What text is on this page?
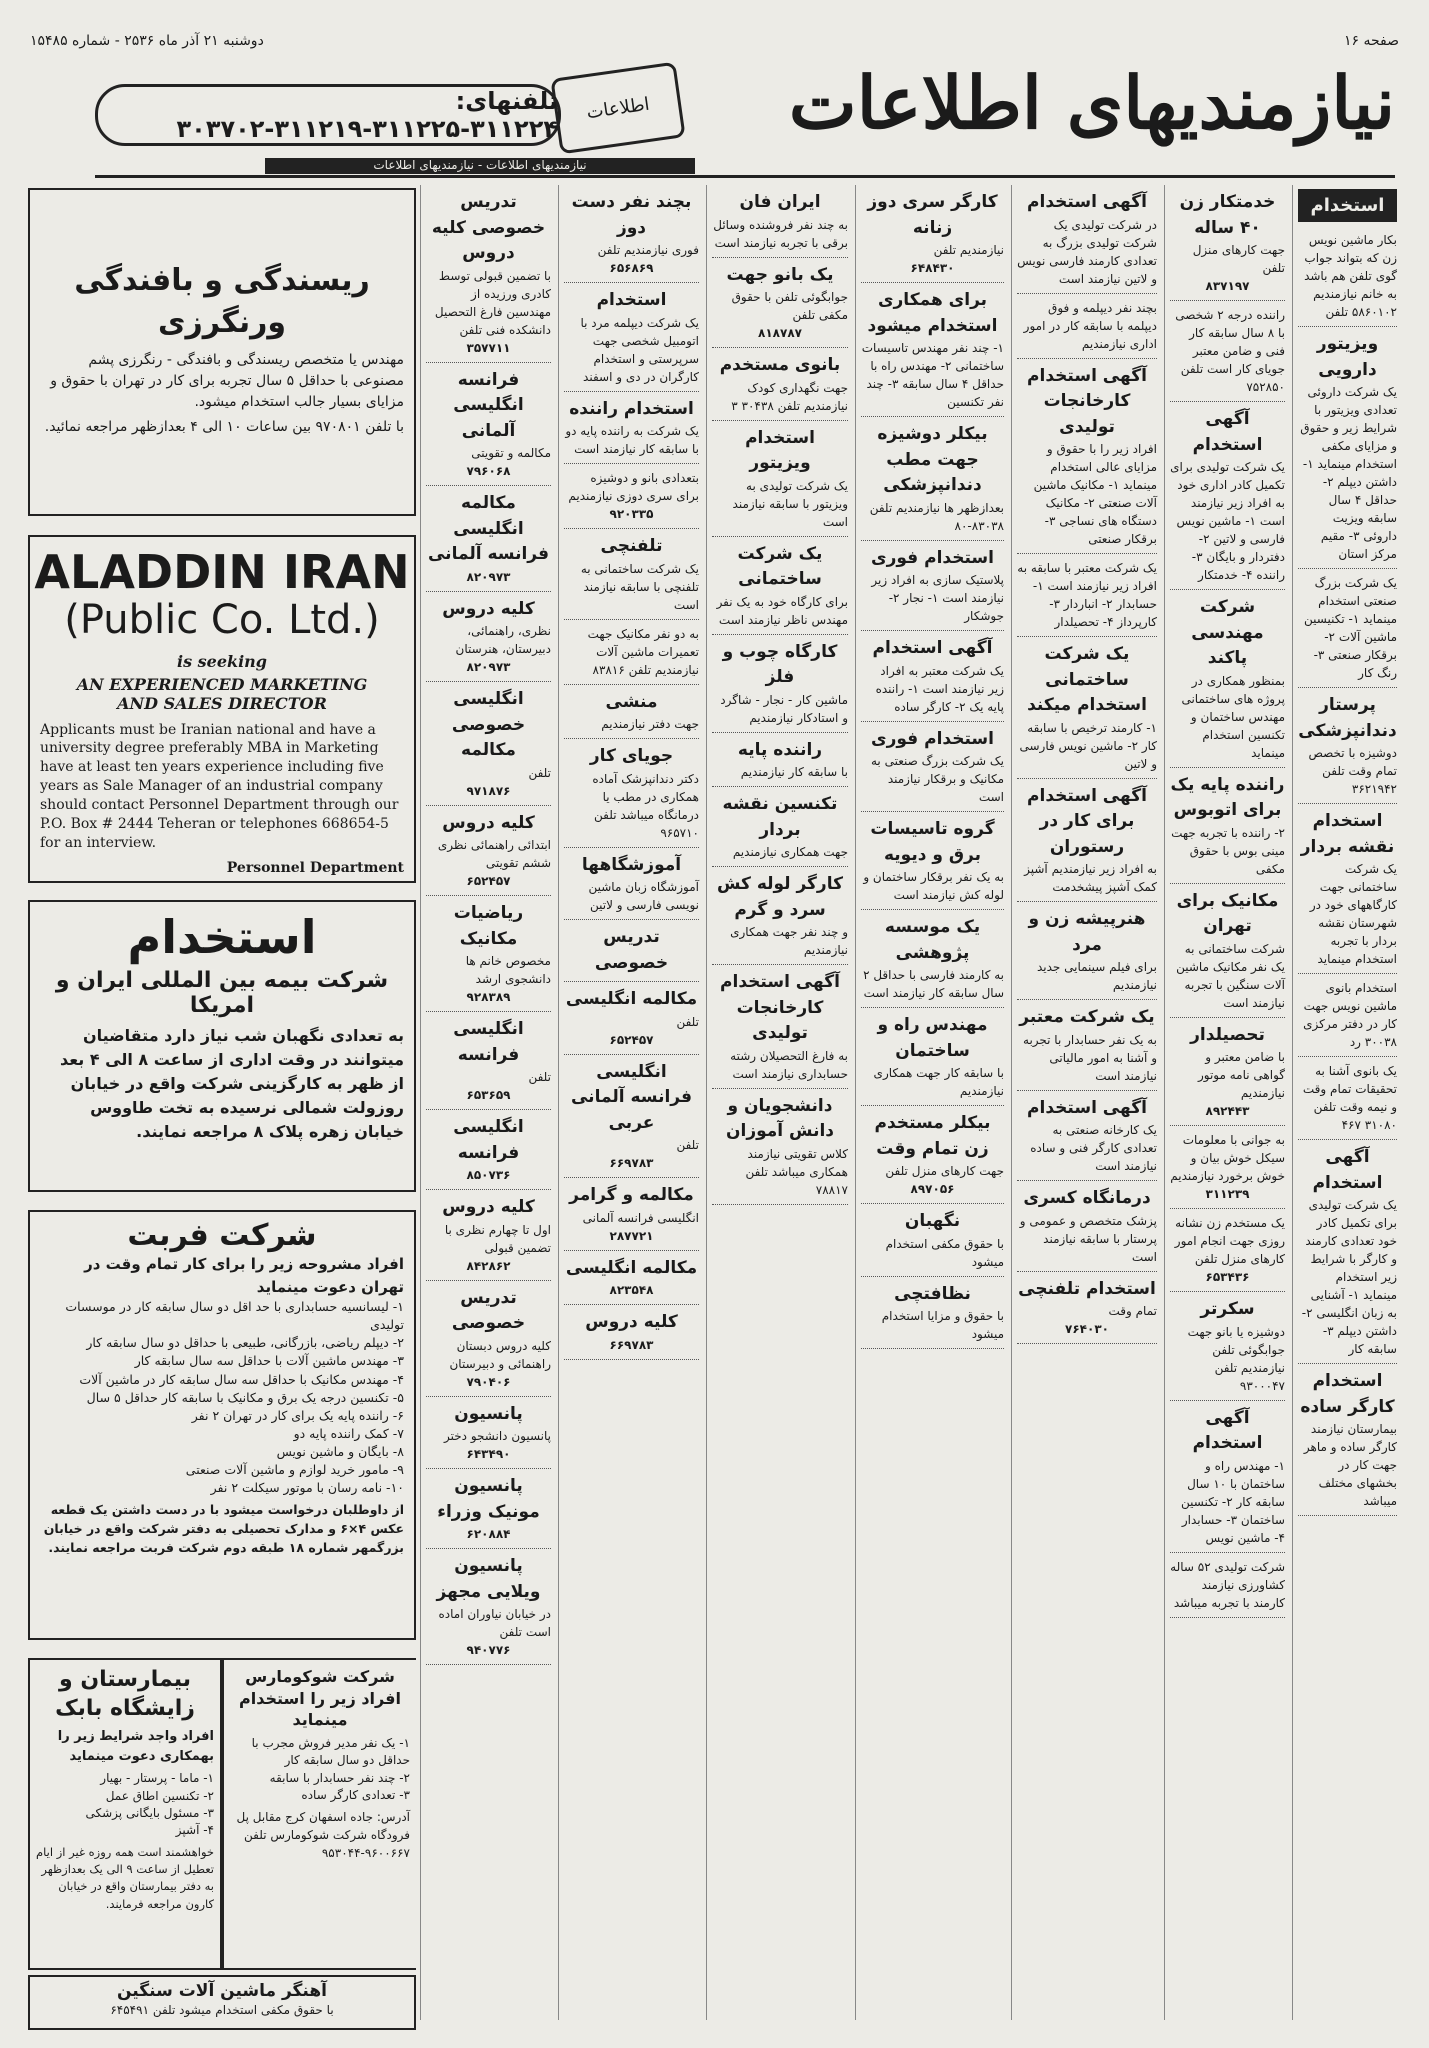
صفحه ۱۶
دوشنبه ۲۱ آذر ماه ۲۵۳۶ - شماره ۱۵۴۸۵
نیازمندیهای اطلاعات
اطلاعات
تلفنهای: ۳۱۱۲۲۴-۳۱۱۲۲۵-۳۱۱۲۱۹-۳۰۳۷۰۲
نیازمندیهای اطلاعات - نیازمندیهای اطلاعات
استخدام
بکار ماشین نویس زن که بتواند جواب گوی تلفن هم باشد به خانم نیازمندیم ۵۸۶۰۱۰۲ تلفن
ویزیتور دارویی
یک شرکت داروئی تعدادی ویزیتور با شرایط زیر و حقوق و مزایای مکفی استخدام مینماید ۱- داشتن دیپلم ۲- حداقل ۴ سال سابقه ویزیت داروئی ۳- مقیم مرکز استان
یک شرکت بزرگ صنعتی استخدام مینماید ۱- تکنیسین ماشین آلات ۲- برقکار صنعتی ۳- رنگ کار
پرستار دندانپزشکی
دوشیزه با تخصص تمام وقت تلفن ۳۶۲۱۹۴۲
استخدام نقشه بردار
یک شرکت ساختمانی جهت کارگاههای خود در شهرستان نقشه بردار با تجربه استخدام مینماید
استخدام بانوی ماشین نویس جهت کار در دفتر مرکزی ۳۰۰۳۸ رد
یک بانوی آشنا به تحقیقات تمام وقت و نیمه وقت تلفن ۳۱۰۸۰ ۴۶۷
آگهی استخدام
یک شرکت تولیدی برای تکمیل کادر خود تعدادی کارمند و کارگر با شرایط زیر استخدام مینماید ۱- آشنایی به زبان انگلیسی ۲- داشتن دیپلم ۳- سابقه کار
استخدام کارگر ساده
بیمارستان نیازمند کارگر ساده و ماهر جهت کار در بخشهای مختلف میباشد
خدمتکار زن ۴۰ ساله
جهت کارهای منزل تلفن
۸۳۷۱۹۷
راننده درجه ۲ شخصی با ۸ سال سابقه کار فنی و ضامن معتبر جویای کار است تلفن ۷۵۲۸۵۰
آگهی استخدام
یک شرکت تولیدی برای تکمیل کادر اداری خود به افراد زیر نیازمند است ۱- ماشین نویس فارسی و لاتین ۲- دفتردار و بایگان ۳- راننده ۴- خدمتکار
شرکت مهندسی پاکند
بمنظور همکاری در پروژه های ساختمانی مهندس ساختمان و تکنسین استخدام مینماید
راننده پایه یک برای اتوبوس
۲- راننده با تجربه جهت مینی بوس با حقوق مکفی
مکانیک برای تهران
شرکت ساختمانی به یک نفر مکانیک ماشین آلات سنگین با تجربه نیازمند است
تحصیلدار
با ضامن معتبر و گواهی نامه موتور نیازمندیم
۸۹۲۴۴۳
به جوانی با معلومات سیکل خوش بیان و خوش برخورد نیازمندیم
۳۱۱۲۳۹
یک مستخدم زن نشانه روزی جهت انجام امور کارهای منزل تلفن
۶۵۳۴۳۶
سکرتر
دوشیزه یا بانو جهت جوابگوئی تلفن نیازمندیم تلفن ۹۳۰۰۰۴۷
آگهی استخدام
۱- مهندس راه و ساختمان با ۱۰ سال سابقه کار ۲- تکنسین ساختمان ۳- حسابدار ۴- ماشین نویس
شرکت تولیدی ۵۲ ساله کشاورزی نیازمند کارمند با تجربه میباشد
آگهی استخدام
در شرکت تولیدی یک شرکت تولیدی بزرگ به تعدادی کارمند فارسی نویس و لاتین نیازمند است
بچند نفر دیپلمه و فوق دیپلمه با سابقه کار در امور اداری نیازمندیم
آگهی استخدام کارخانجات تولیدی
افراد زیر را با حقوق و مزایای عالی استخدام مینماید ۱- مکانیک ماشین آلات صنعتی ۲- مکانیک دستگاه های نساجی ۳- برقکار صنعتی
یک شرکت معتبر با سابقه به افراد زیر نیازمند است ۱- حسابدار ۲- انباردار ۳- کارپرداز ۴- تحصیلدار
یک شرکت ساختمانی استخدام میکند
۱- کارمند ترخیص با سابقه کار ۲- ماشین نویس فارسی و لاتین
آگهی استخدام برای کار در رستوران
به افراد زیر نیازمندیم آشپز کمک آشپز پیشخدمت
هنرپیشه زن و مرد
برای فیلم سینمایی جدید نیازمندیم
یک شرکت معتبر
به یک نفر حسابدار با تجربه و آشنا به امور مالیاتی نیازمند است
آگهی استخدام
یک کارخانه صنعتی به تعدادی کارگر فنی و ساده نیازمند است
درمانگاه کسری
پزشک متخصص و عمومی و پرستار با سابقه نیازمند است
استخدام تلفنچی
تمام وقت
۷۶۴۰۳۰
کارگر سری دوز زنانه
نیازمندیم تلفن
۶۴۸۴۳۰
برای همکاری استخدام میشود
۱- چند نفر مهندس تاسیسات ساختمانی ۲- مهندس راه با حداقل ۴ سال سابقه ۳- چند نفر تکنسین
بیکلر دوشیزه جهت مطب دندانپزشکی
بعدازظهر ها نیازمندیم تلفن ۸۳۰۳۸-۸۰
استخدام فوری
پلاستیک سازی به افراد زیر نیازمند است ۱- نجار ۲- جوشکار
آگهی استخدام
یک شرکت معتبر به افراد زیر نیازمند است ۱- راننده پایه یک ۲- کارگر ساده
استخدام فوری
یک شرکت بزرگ صنعتی به مکانیک و برقکار نیازمند است
گروه تاسیسات برق و دیویه
به یک نفر برقکار ساختمان و لوله کش نیازمند است
یک موسسه پژوهشی
به کارمند فارسی با حداقل ۲ سال سابقه کار نیازمند است
مهندس راه و ساختمان
با سابقه کار جهت همکاری نیازمندیم
بیکلر مستخدم زن تمام وقت
جهت کارهای منزل تلفن
۸۹۷۰۵۶
نگهبان
با حقوق مکفی استخدام میشود
نظافتچی
با حقوق و مزایا استخدام میشود
ایران فان
به چند نفر فروشنده وسائل برقی با تجربه نیازمند است
یک بانو جهت
جوابگوئی تلفن با حقوق مکفی تلفن
۸۱۸۷۸۷
بانوی مستخدم
جهت نگهداری کودک نیازمندیم تلفن ۳۰۴۳۸ ۳
استخدام ویزیتور
یک شرکت تولیدی به ویزیتور با سابقه نیازمند است
یک شرکت ساختمانی
برای کارگاه خود به یک نفر مهندس ناظر نیازمند است
کارگاه چوب و فلز
ماشین کار - نجار - شاگرد و استادکار نیازمندیم
راننده پایه
با سابقه کار نیازمندیم
تکنسین نقشه بردار
جهت همکاری نیازمندیم
کارگر لوله کش سرد و گرم
و چند نفر جهت همکاری نیازمندیم
آگهی استخدام کارخانجات تولیدی
به فارغ التحصیلان رشته حسابداری نیازمند است
دانشجویان و دانش آموزان
کلاس تقویتی نیازمند همکاری میباشد تلفن ۷۸۸۱۷
بچند نفر دست دوز
فوری نیازمندیم تلفن
۶۵۶۸۶۹
استخدام
یک شرکت دیپلمه مرد با اتومبیل شخصی جهت سرپرستی و استخدام کارگران در دی و اسفند
استخدام راننده
یک شرکت به راننده پایه دو با سابقه کار نیازمند است
بتعدادی بانو و دوشیزه برای سری دوزی نیازمندیم
۹۲۰۳۳۵
تلفنچی
یک شرکت ساختمانی به تلفنچی با سابقه نیازمند است
به دو نفر مکانیک جهت تعمیرات ماشین آلات نیازمندیم تلفن ۸۳۸۱۶
منشی
جهت دفتر نیازمندیم
جویای کار
دکتر دندانپزشک آماده همکاری در مطب یا درمانگاه میباشد تلفن ۹۶۵۷۱۰
آموزشگاهها
آموزشگاه زبان ماشین نویسی فارسی و لاتین
تدریس خصوصی
مکالمه انگلیسی
تلفن
۶۵۲۴۵۷
انگلیسی فرانسه آلمانی عربی
تلفن
۶۶۹۷۸۳
مکالمه و گرامر
انگلیسی فرانسه آلمانی
۲۸۷۷۲۱
مکالمه انگلیسی
۸۲۳۵۴۸
کلیه دروس
۶۶۹۷۸۳
تدریس خصوصی کلیه دروس
با تضمین قبولی توسط کادری ورزیده از مهندسین فارغ التحصیل دانشکده فنی تلفن
۳۵۷۷۱۱
فرانسه انگلیسی آلمانی
مکالمه و تقویتی
۷۹۶۰۶۸
مکالمه انگلیسی فرانسه آلمانی
۸۲۰۹۷۳
کلیه دروس
نظری، راهنمائی، دبیرستان، هنرستان
۸۲۰۹۷۳
انگلیسی خصوصی مکالمه
تلفن
۹۷۱۸۷۶
کلیه دروس
ابتدائی راهنمائی نظری ششم تقویتی
۶۵۲۴۵۷
ریاضیات مکانیک
مخصوص خانم ها دانشجوی ارشد
۹۲۸۳۸۹
انگلیسی فرانسه
تلفن
۶۵۳۶۵۹
انگلیسی فرانسه
۸۵۰۷۳۶
کلیه دروس
اول تا چهارم نظری با تضمین قبولی
۸۴۲۸۶۲
تدریس خصوصی
کلیه دروس دبستان راهنمائی و دبیرستان
۷۹۰۴۰۶
پانسیون
پانسیون دانشجو دختر
۶۴۳۴۹۰
پانسیون مونیک وزراء
۶۲۰۸۸۴
پانسیون ویلایی مجهز
در خیابان نیاوران اماده است تلفن
۹۴۰۷۷۶
ریسندگی و بافندگی ورنگرزی
مهندس یا متخصص ریسندگی و بافندگی - رنگرزی پشم مصنوعی با حداقل ۵ سال تجربه برای کار در تهران با حقوق و مزایای بسیار جالب استخدام میشود.
با تلفن ۹۷۰۸۰۱ بین ساعات ۱۰ الی ۴ بعدازظهر مراجعه نمائید.
ALADDIN IRAN
(Public Co. Ltd.)
is seeking
AN EXPERIENCED MARKETING
AND SALES DIRECTOR
Applicants must be Iranian national and have a university degree preferably MBA in Marketing have at least ten years experience including five years as Sale Manager of an industrial company should contact Personnel Department through our P.O. Box # 2444 Teheran or telephones 668654-5 for an interview.
Personnel Department
استخدام
شرکت بیمه بین المللی ایران و امریکا
به تعدادی نگهبان شب نیاز دارد متقاضیان میتوانند در وقت اداری از ساعت ۸ الی ۴ بعد از ظهر به کارگزینی شرکت واقع در خیابان روزولت شمالی نرسیده به تخت طاووس خیابان زهره پلاک ۸ مراجعه نمایند.
شرکت فربت
افراد مشروحه زیر را برای کار تمام وقت در تهران دعوت مینماید
۱- لیسانسیه حسابداری با حد اقل دو سال سابقه کار در موسسات تولیدی
۲- دیپلم ریاضی، بازرگانی، طبیعی با حداقل دو سال سابقه کار
۳- مهندس ماشین آلات با حداقل سه سال سابقه کار
۴- مهندس مکانیک با حداقل سه سال سابقه کار در ماشین آلات
۵- تکنسین درجه یک برق و مکانیک با سابقه کار حداقل ۵ سال
۶- راننده پایه یک برای کار در تهران ۲ نفر
۷- کمک راننده پایه دو
۸- بایگان و ماشین نویس
۹- مامور خرید لوازم و ماشین آلات صنعتی
۱۰- نامه رسان با موتور سیکلت ۲ نفر
از داوطلبان درخواست میشود با در دست داشتن یک قطعه عکس ۴×۶ و مدارک تحصیلی به دفتر شرکت واقع در خیابان بزرگمهر شماره ۱۸ طبقه دوم شرکت فربت مراجعه نمایند.
بیمارستان و زایشگاه بابک
افراد واجد شرایط زیر را بهمکاری دعوت مینماید
۱- ماما - پرستار - بهیار
۲- تکنسین اطاق عمل
۳- مسئول بایگانی پزشکی
۴- آشپز
خواهشمند است همه روزه غیر از ایام تعطیل از ساعت ۹ الی یک بعدازظهر به دفتر بیمارستان واقع در خیابان کارون مراجعه فرمایند.
شرکت شوکومارس افراد زیر را استخدام مینماید
۱- یک نفر مدیر فروش مجرب با حداقل دو سال سابقه کار
۲- چند نفر حسابدار با سابقه
۳- تعدادی کارگر ساده
آدرس: جاده اسفهان کرج مقابل پل فرودگاه شرکت شوکومارس تلفن ۹۶۰۰۶۶۷-۹۵۳۰۴۴
آهنگر ماشین آلات سنگین
با حقوق مکفی استخدام میشود تلفن ۶۴۵۴۹۱
